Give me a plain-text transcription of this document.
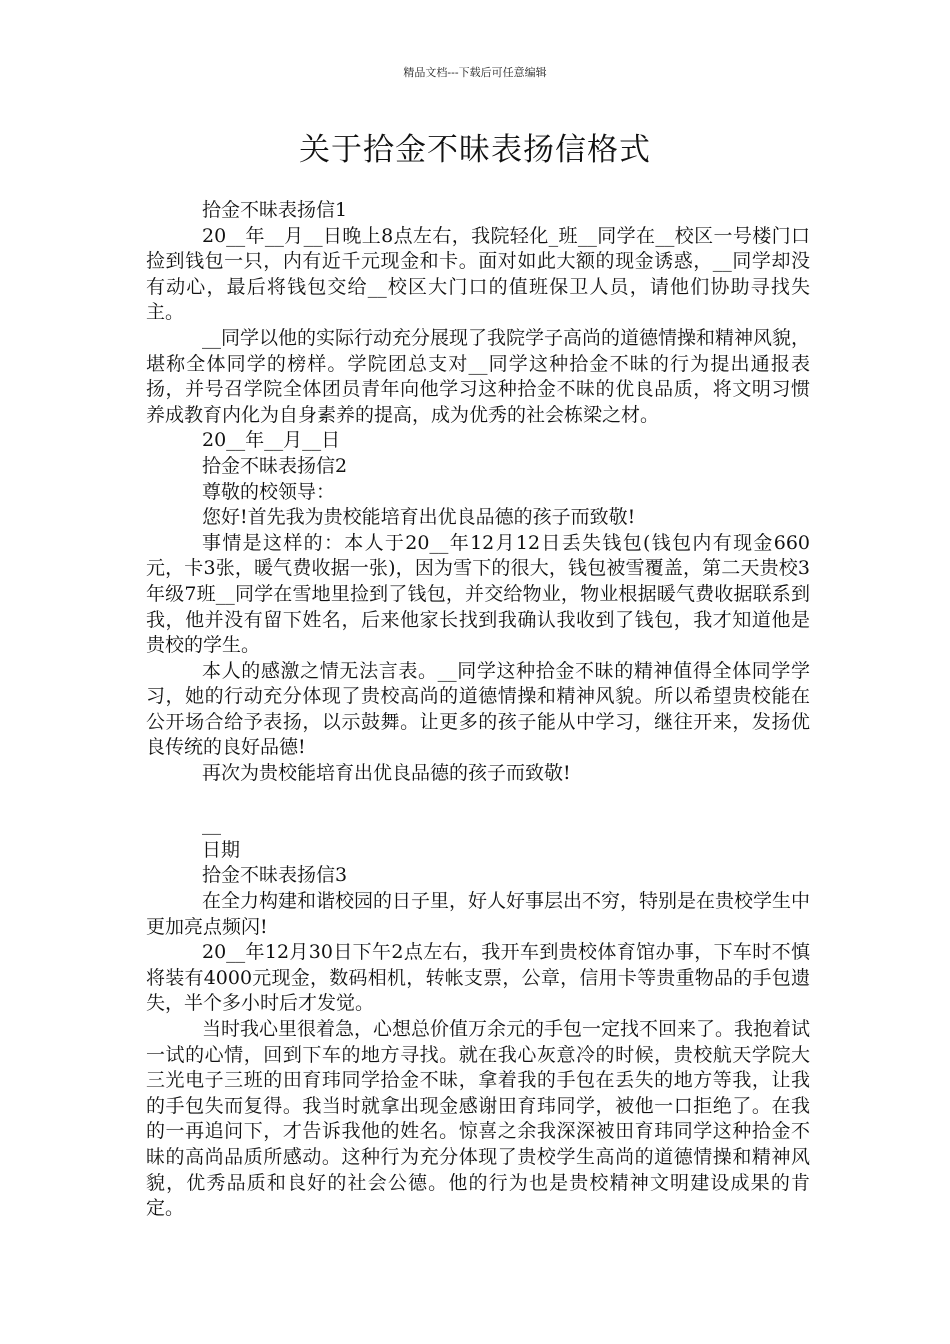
精品文档---下载后可任意编辑
关于拾金不昧表扬信格式

拾金不昧表扬信1

20__年__月__日晚上8点左右，我院轻化_班__同学在__校区一号楼门口捡到钱包一只，内有近千元现金和卡。面对如此大额的现金诱惑，__同学却没有动心，最后将钱包交给__校区大门口的值班保卫人员，请他们协助寻找失主。

__同学以他的实际行动充分展现了我院学子高尚的道德情操和精神风貌，堪称全体同学的榜样。学院团总支对__同学这种拾金不昧的行为提出通报表扬，并号召学院全体团员青年向他学习这种拾金不昧的优良品质，将文明习惯养成教育内化为自身素养的提高，成为优秀的社会栋梁之材。

20__年__月__日

拾金不昧表扬信2

尊敬的校领导：

您好!首先我为贵校能培育出优良品德的孩子而致敬!

事情是这样的：本人于20__年12月12日丢失钱包(钱包内有现金660元，卡3张，暖气费收据一张)，因为雪下的很大，钱包被雪覆盖，第二天贵校3年级7班__同学在雪地里捡到了钱包，并交给物业，物业根据暖气费收据联系到我，他并没有留下姓名，后来他家长找到我确认我收到了钱包，我才知道他是贵校的学生。

本人的感激之情无法言表。__同学这种拾金不昧的精神值得全体同学学习，她的行动充分体现了贵校高尚的道德情操和精神风貌。所以希望贵校能在公开场合给予表扬，以示鼓舞。让更多的孩子能从中学习，继往开来，发扬优良传统的良好品德!

再次为贵校能培育出优良品德的孩子而致敬!

__

日期

拾金不昧表扬信3

在全力构建和谐校园的日子里，好人好事层出不穷，特别是在贵校学生中更加亮点频闪!

20__年12月30日下午2点左右，我开车到贵校体育馆办事，下车时不慎将装有4000元现金，数码相机，转帐支票，公章，信用卡等贵重物品的手包遗失，半个多小时后才发觉。

当时我心里很着急，心想总价值万余元的手包一定找不回来了。我抱着试一试的心情，回到下车的地方寻找。就在我心灰意冷的时候，贵校航天学院大三光电子三班的田育玮同学拾金不昧，拿着我的手包在丢失的地方等我，让我的手包失而复得。我当时就拿出现金感谢田育玮同学，被他一口拒绝了。在我的一再追问下，才告诉我他的姓名。惊喜之余我深深被田育玮同学这种拾金不昧的高尚品质所感动。这种行为充分体现了贵校学生高尚的道德情操和精神风貌，优秀品质和良好的社会公德。他的行为也是贵校精神文明建设成果的肯定。
